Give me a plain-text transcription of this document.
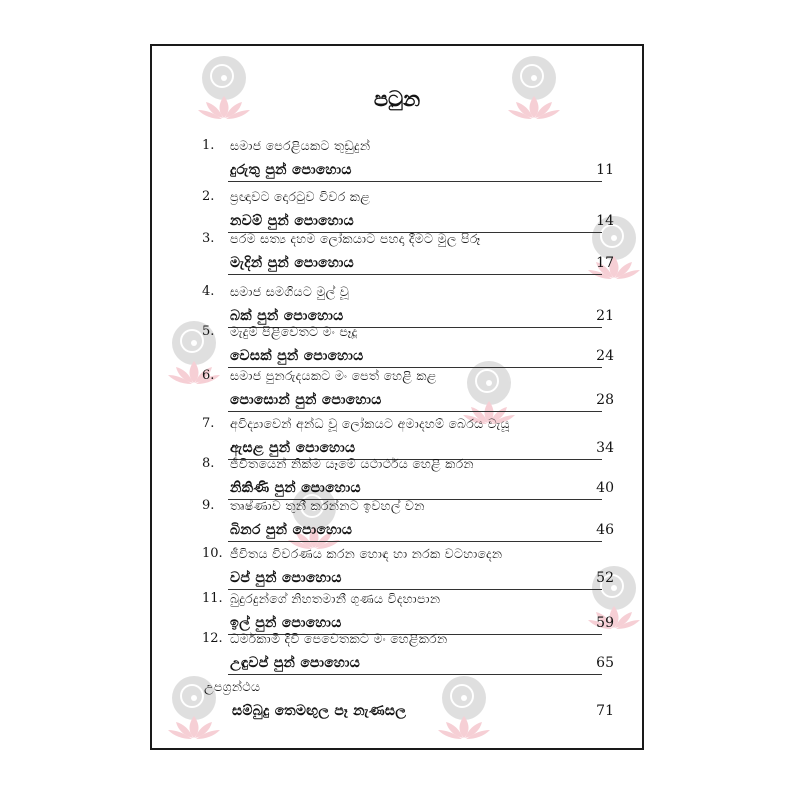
පටුන
1. සමාජ පෙරළියකට තුඩුදුන්
දුරුතු පුන් පොහොය	11
2. ප්‍රඥාවට දොරටුව විවර කළ
නවම් පුන් පොහොය	14
3. පරම සත්‍ය දහම ලෝකයාට පහදා දීමට මුල පිරූ
මැදින් පුන් පොහොය	17
4. සමාජ සමගියට මුල් වූ
බක් පුන් පොහොය	21
5. මැදුම් පිළිවෙතට මං පෑදූ
වෙසක් පුන් පොහොය	24
6. සමාජ පුනරුදයකට මං පෙත් හෙළි කළ
පොසොන් පුන් පොහොය	28
7. අවිද්‍යාවෙන් අන්ධ වූ ලෝකයට අමාදහම් බෙරය වැයූ
ඇසළ පුන් පොහොය	34
8. ජීවිතයෙන් නික්ම යෑමේ යථාර්ථය හෙළි කරන
නිකිණි පුන් පොහොය	40
9. තෘෂ්ණාව තුනී කරන්නට ඉවහල් වන
බිනර පුන් පොහොය	46
10. ජීවිතය විවරණය කරන හොඳ හා නරක වටහාදෙන
වප් පුන් පොහොය	52
11. බුදුරදුන්ගේ නිහතමානී ගුණය විදහාපාන
ඉල් පුන් පොහොය	59
12. ධර්මකාමී දිවි පෙවෙතකට මං හෙළිකරන
උඳුවප් පුන් පොහොය	65
උපග්‍රන්ථය
සම්බුදු තෙමඟුල පෑ නැණසල	71
